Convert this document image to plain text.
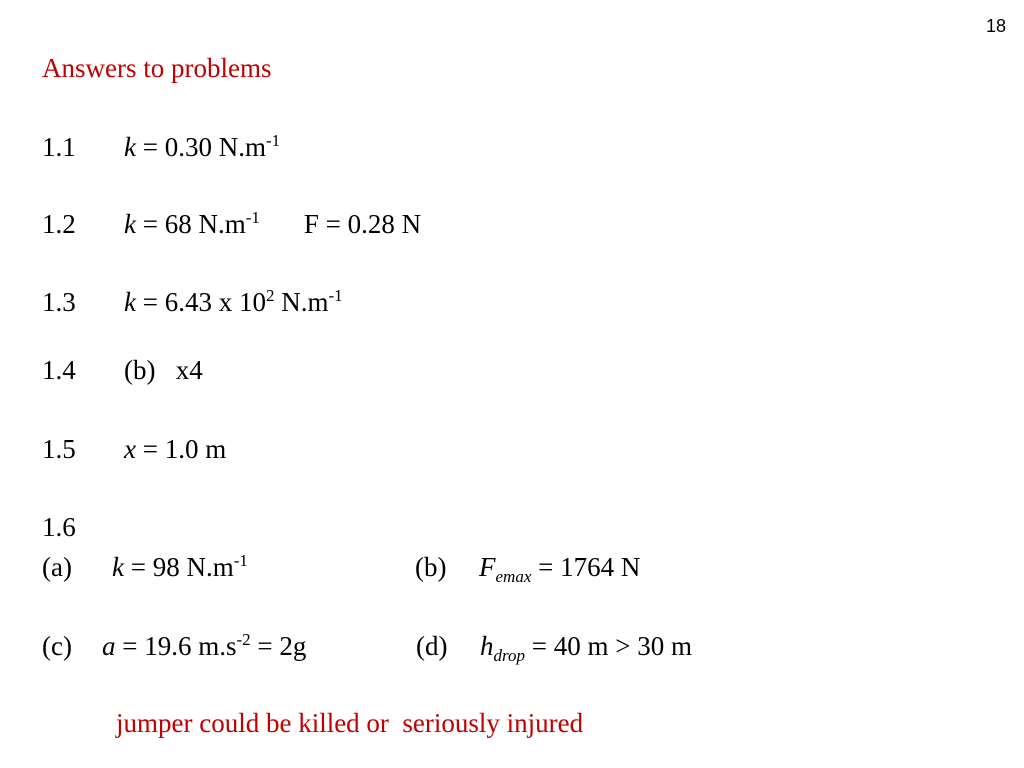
18
Answers to problems
1.1 k = 0.30 $N.m^{-1}$
1.2 k = 68 $N.m^{-1}$ F = 0.28 N
1.3 k = 6.43 x $10^2$ $N.m^{-1}$
1.4 (b)   x4
1.5 x = 1.0 m
1.6
(a) k = 98 $N.m^{-1}$	(b) $F_{emax} = 1764$ N
(c) a = 19.6 $m.s^{-2} = 2g$	(d) $h_{drop} = 40$ m > 30 m
jumper could be killed or  seriously injured
